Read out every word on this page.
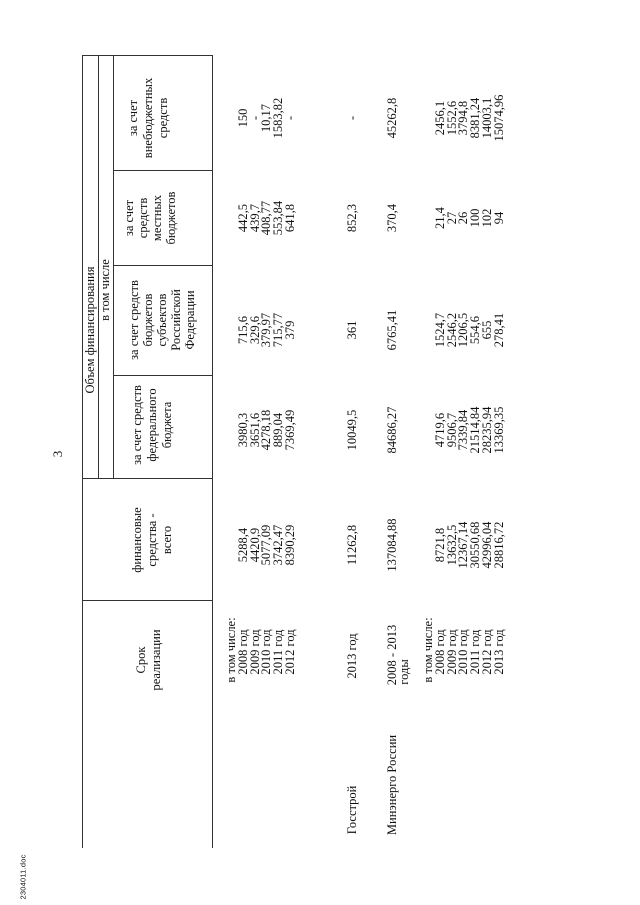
3
2304011.doc
Срок реализации
финансовые средства - всего
Объем финансирования в том числе
за счет средств федерального бюджета
за счет средств бюджетов субъектов Российской Федерации
за счет средств местных бюджетов
за счет внебюджетных средств
в том числе:
2008 год
5288,4
3980,3
715,6
442,5
150
2009 год
4420,9
3651,6
329,6
439,7
-
2010 год
5077,09
4278,18
379,97
408,77
10,17
2011 год
3742,47
889,04
715,77
553,84
1583,82
2012 год
8390,29
7369,49
379
641,8
-
Госстрой
2013 год
11262,8
10049,5
361
852,3
-
Минэнерго России
2008 - 2013
годы
137084,88
84686,27
6765,41
370,4
45262,8
в том числе:
2008 год
8721,8
4719,6
1524,7
21,4
2456,1
2009 год
13632,5
9506,7
2546,2
27
1552,6
2010 год
12367,14
7339,84
1206,5
26
3794,8
2011 год
30550,68
21514,84
554,6
100
8381,24
2012 год
42996,04
28235,94
655
102
14003,1
2013 год
28816,72
13369,35
278,41
94
15074,96
